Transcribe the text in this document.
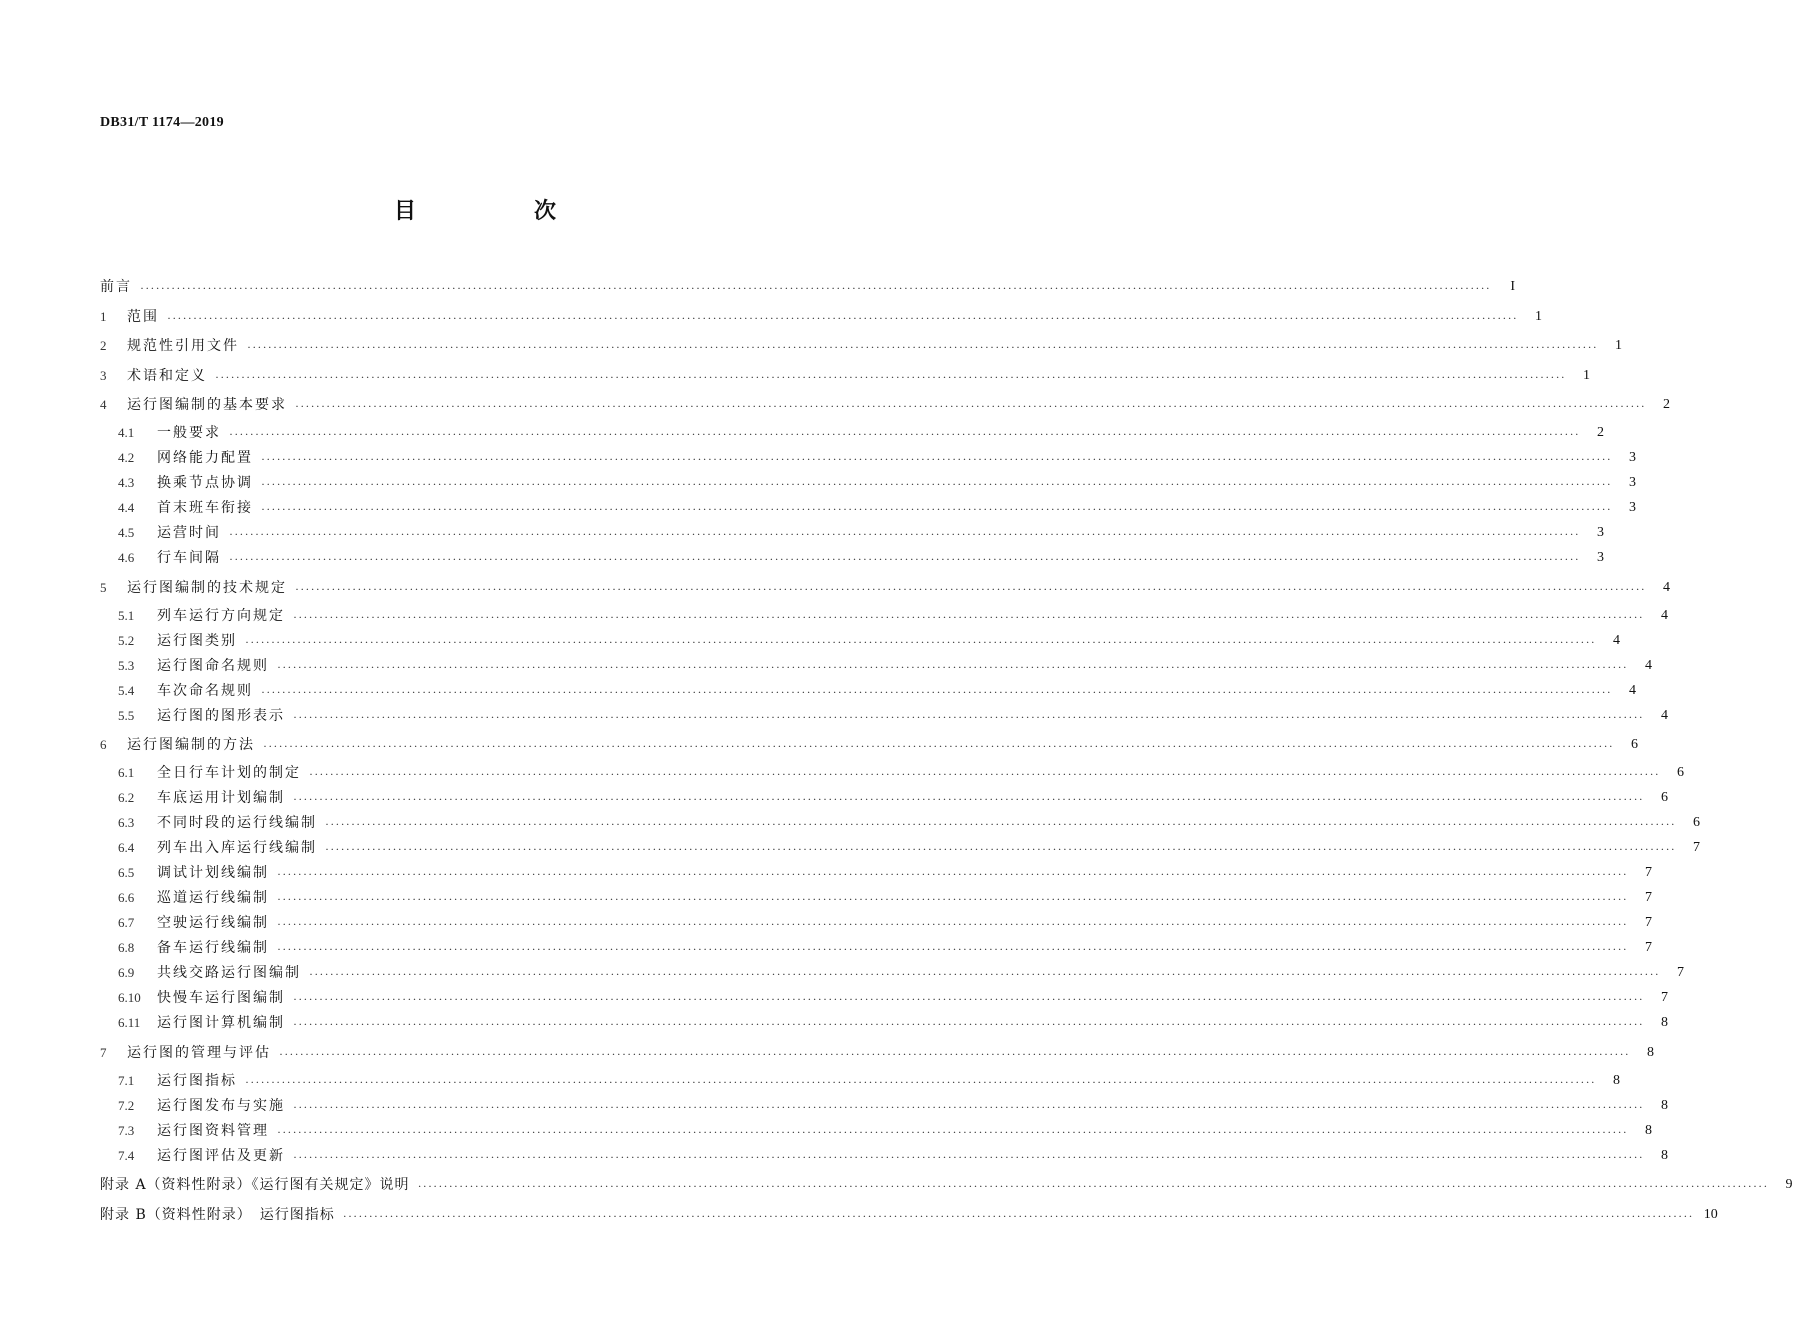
DB31/T 1174—2019
目　次
前言 ····································································································································································································································································	I
1	范围 ····································································································································································································································································	1
2	规范性引用文件 ····································································································································································································································································	1
3	术语和定义 ····································································································································································································································································	1
4	运行图编制的基本要求 ····································································································································································································································································	2
4.1	一般要求 ····································································································································································································································································	2
4.2	网络能力配置 ····································································································································································································································································	3
4.3	换乘节点协调 ····································································································································································································································································	3
4.4	首末班车衔接 ····································································································································································································································································	3
4.5	运营时间 ····································································································································································································································································	3
4.6	行车间隔 ····································································································································································································································································	3
5	运行图编制的技术规定 ····································································································································································································································································	4
5.1	列车运行方向规定 ····································································································································································································································································	4
5.2	运行图类别 ····································································································································································································································································	4
5.3	运行图命名规则 ····································································································································································································································································	4
5.4	车次命名规则 ····································································································································································································································································	4
5.5	运行图的图形表示 ····································································································································································································································································	4
6	运行图编制的方法 ····································································································································································································································································	6
6.1	全日行车计划的制定 ····································································································································································································································································	6
6.2	车底运用计划编制 ····································································································································································································································································	6
6.3	不同时段的运行线编制 ····································································································································································································································································	6
6.4	列车出入库运行线编制 ····································································································································································································································································	7
6.5	调试计划线编制 ····································································································································································································································································	7
6.6	巡道运行线编制 ····································································································································································································································································	7
6.7	空驶运行线编制 ····································································································································································································································································	7
6.8	备车运行线编制 ····································································································································································································································································	7
6.9	共线交路运行图编制 ····································································································································································································································································	7
6.10	快慢车运行图编制 ····································································································································································································································································	7
6.11	运行图计算机编制 ····································································································································································································································································	8
7	运行图的管理与评估 ····································································································································································································································································	8
7.1	运行图指标 ····································································································································································································································································	8
7.2	运行图发布与实施 ····································································································································································································································································	8
7.3	运行图资料管理 ····································································································································································································································································	8
7.4	运行图评估及更新 ····································································································································································································································································	8
附录 A（资料性附录）《运行图有关规定》说明 ····································································································································································································································································	9
附录 B（资料性附录）　运行图指标 ···································································································································································································································································· 10
